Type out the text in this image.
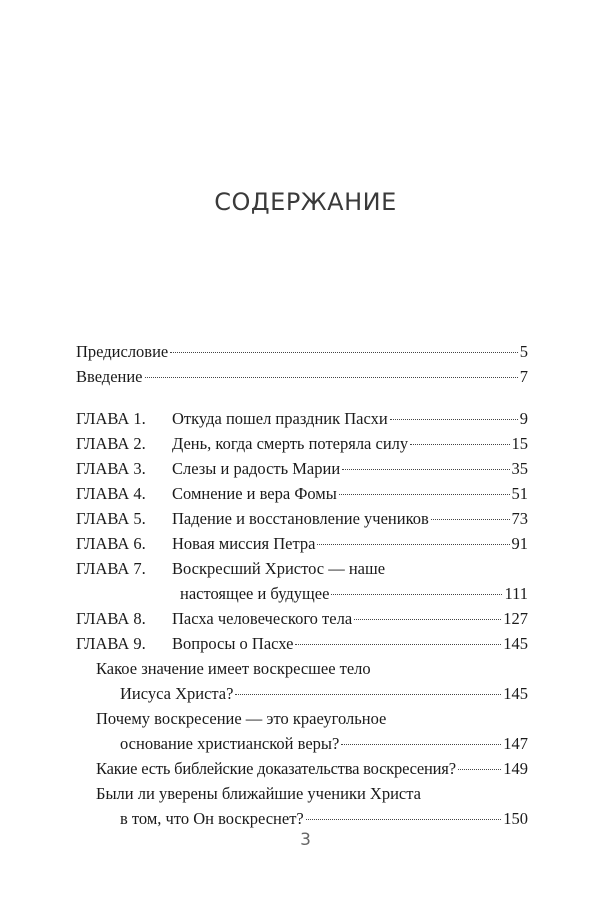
СОДЕРЖАНИЕ
Предисловие	5
Введение	7
ГЛАВА 1.	Откуда пошел праздник Пасхи	9
ГЛАВА 2.	День, когда смерть потеряла силу	15
ГЛАВА 3.	Слезы и радость Марии	35
ГЛАВА 4.	Сомнение и вера Фомы	51
ГЛАВА 5.	Падение и восстановление учеников	73
ГЛАВА 6.	Новая миссия Петра	91
ГЛАВА 7. Воскресший Христос — наше
настоящее и будущее	111
ГЛАВА 8.	Пасха человеческого тела	127
ГЛАВА 9.	Вопросы о Пасхе	145
Какое значение имеет воскресшее тело
Иисуса Христа?	145
Почему воскресение — это краеугольное
основание христианской веры?	147
Какие есть библейские доказательства воскресения?	149
Были ли уверены ближайшие ученики Христа
в том, что Он воскреснет?	150
3
